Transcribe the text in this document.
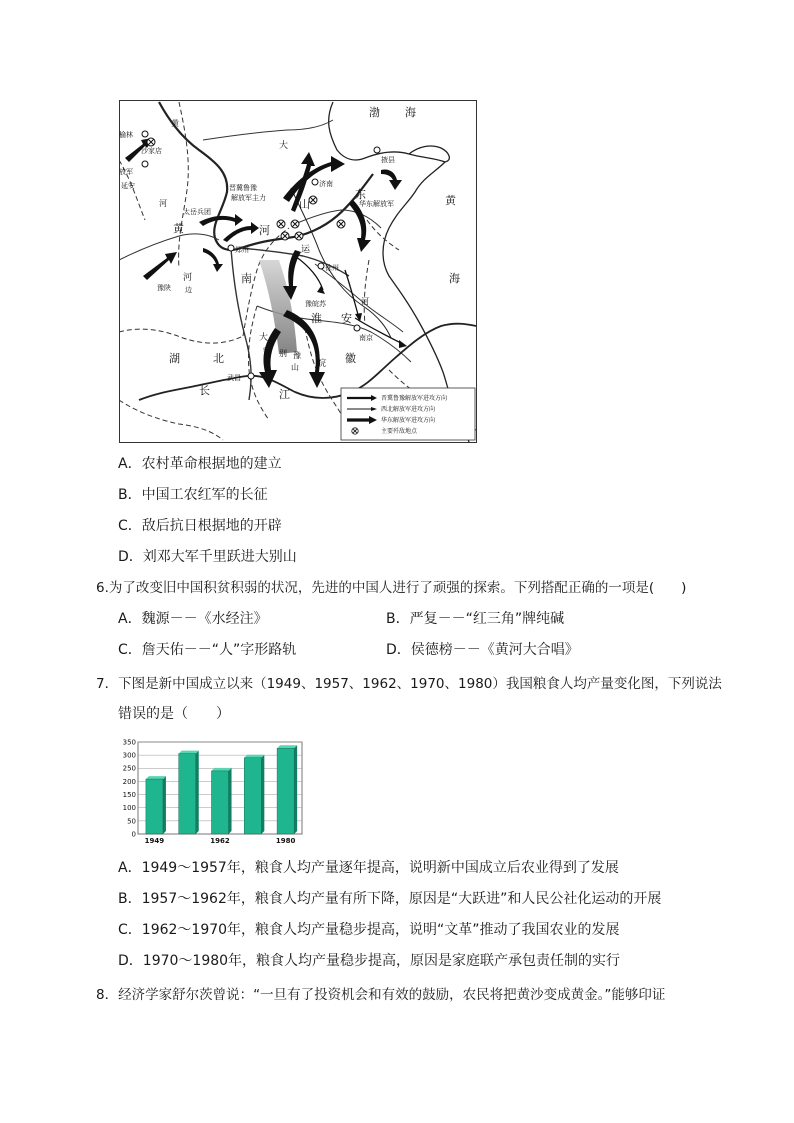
渤 海
黄
海
榆林
沙家店
放军
延安
河
黄
太岳兵团
晋冀鲁豫
解放军主力
黄	河
济南
山
东
华东解放军
掖县
大
郑州	运
徐州
南
河
边
豫陕
豫皖苏
淮 安
河
湖	北
大
别
山
鄂	豫
皖 徽
南京
武昌
长	江	晋冀鲁豫解放军进攻方向
西北解放军进攻方向
华东解放军进攻方向
主要歼敌地点
A．农村革命根据地的建立
B．中国工农红军的长征
C．敌后抗日根据地的开辟
D．刘邓大军千里跃进大别山
6.为了改变旧中国积贫积弱的状况，先进的中国人进行了顽强的探索。下列搭配正确的一项是(　　)
A．魏源－－《水经注》	B．严复－－“红三角”牌纯碱
C．詹天佑－－“人”字形路轨	D．侯德榜－－《黄河大合唱》
7．下图是新中国成立以来（1949、1957、1962、1970、1980）我国粮食人均产量变化图，下列说法
错误的是（　　）
0
50
100
150
200
250
300
350
1949	1962	1980
A．1949～1957年，粮食人均产量逐年提高，说明新中国成立后农业得到了发展
B．1957～1962年，粮食人均产量有所下降，原因是“大跃进”和人民公社化运动的开展
C．1962～1970年，粮食人均产量稳步提高，说明“文革”推动了我国农业的发展
D．1970～1980年，粮食人均产量稳步提高，原因是家庭联产承包责任制的实行
8．经济学家舒尔茨曾说：“一旦有了投资机会和有效的鼓励，农民将把黄沙变成黄金。”能够印证
